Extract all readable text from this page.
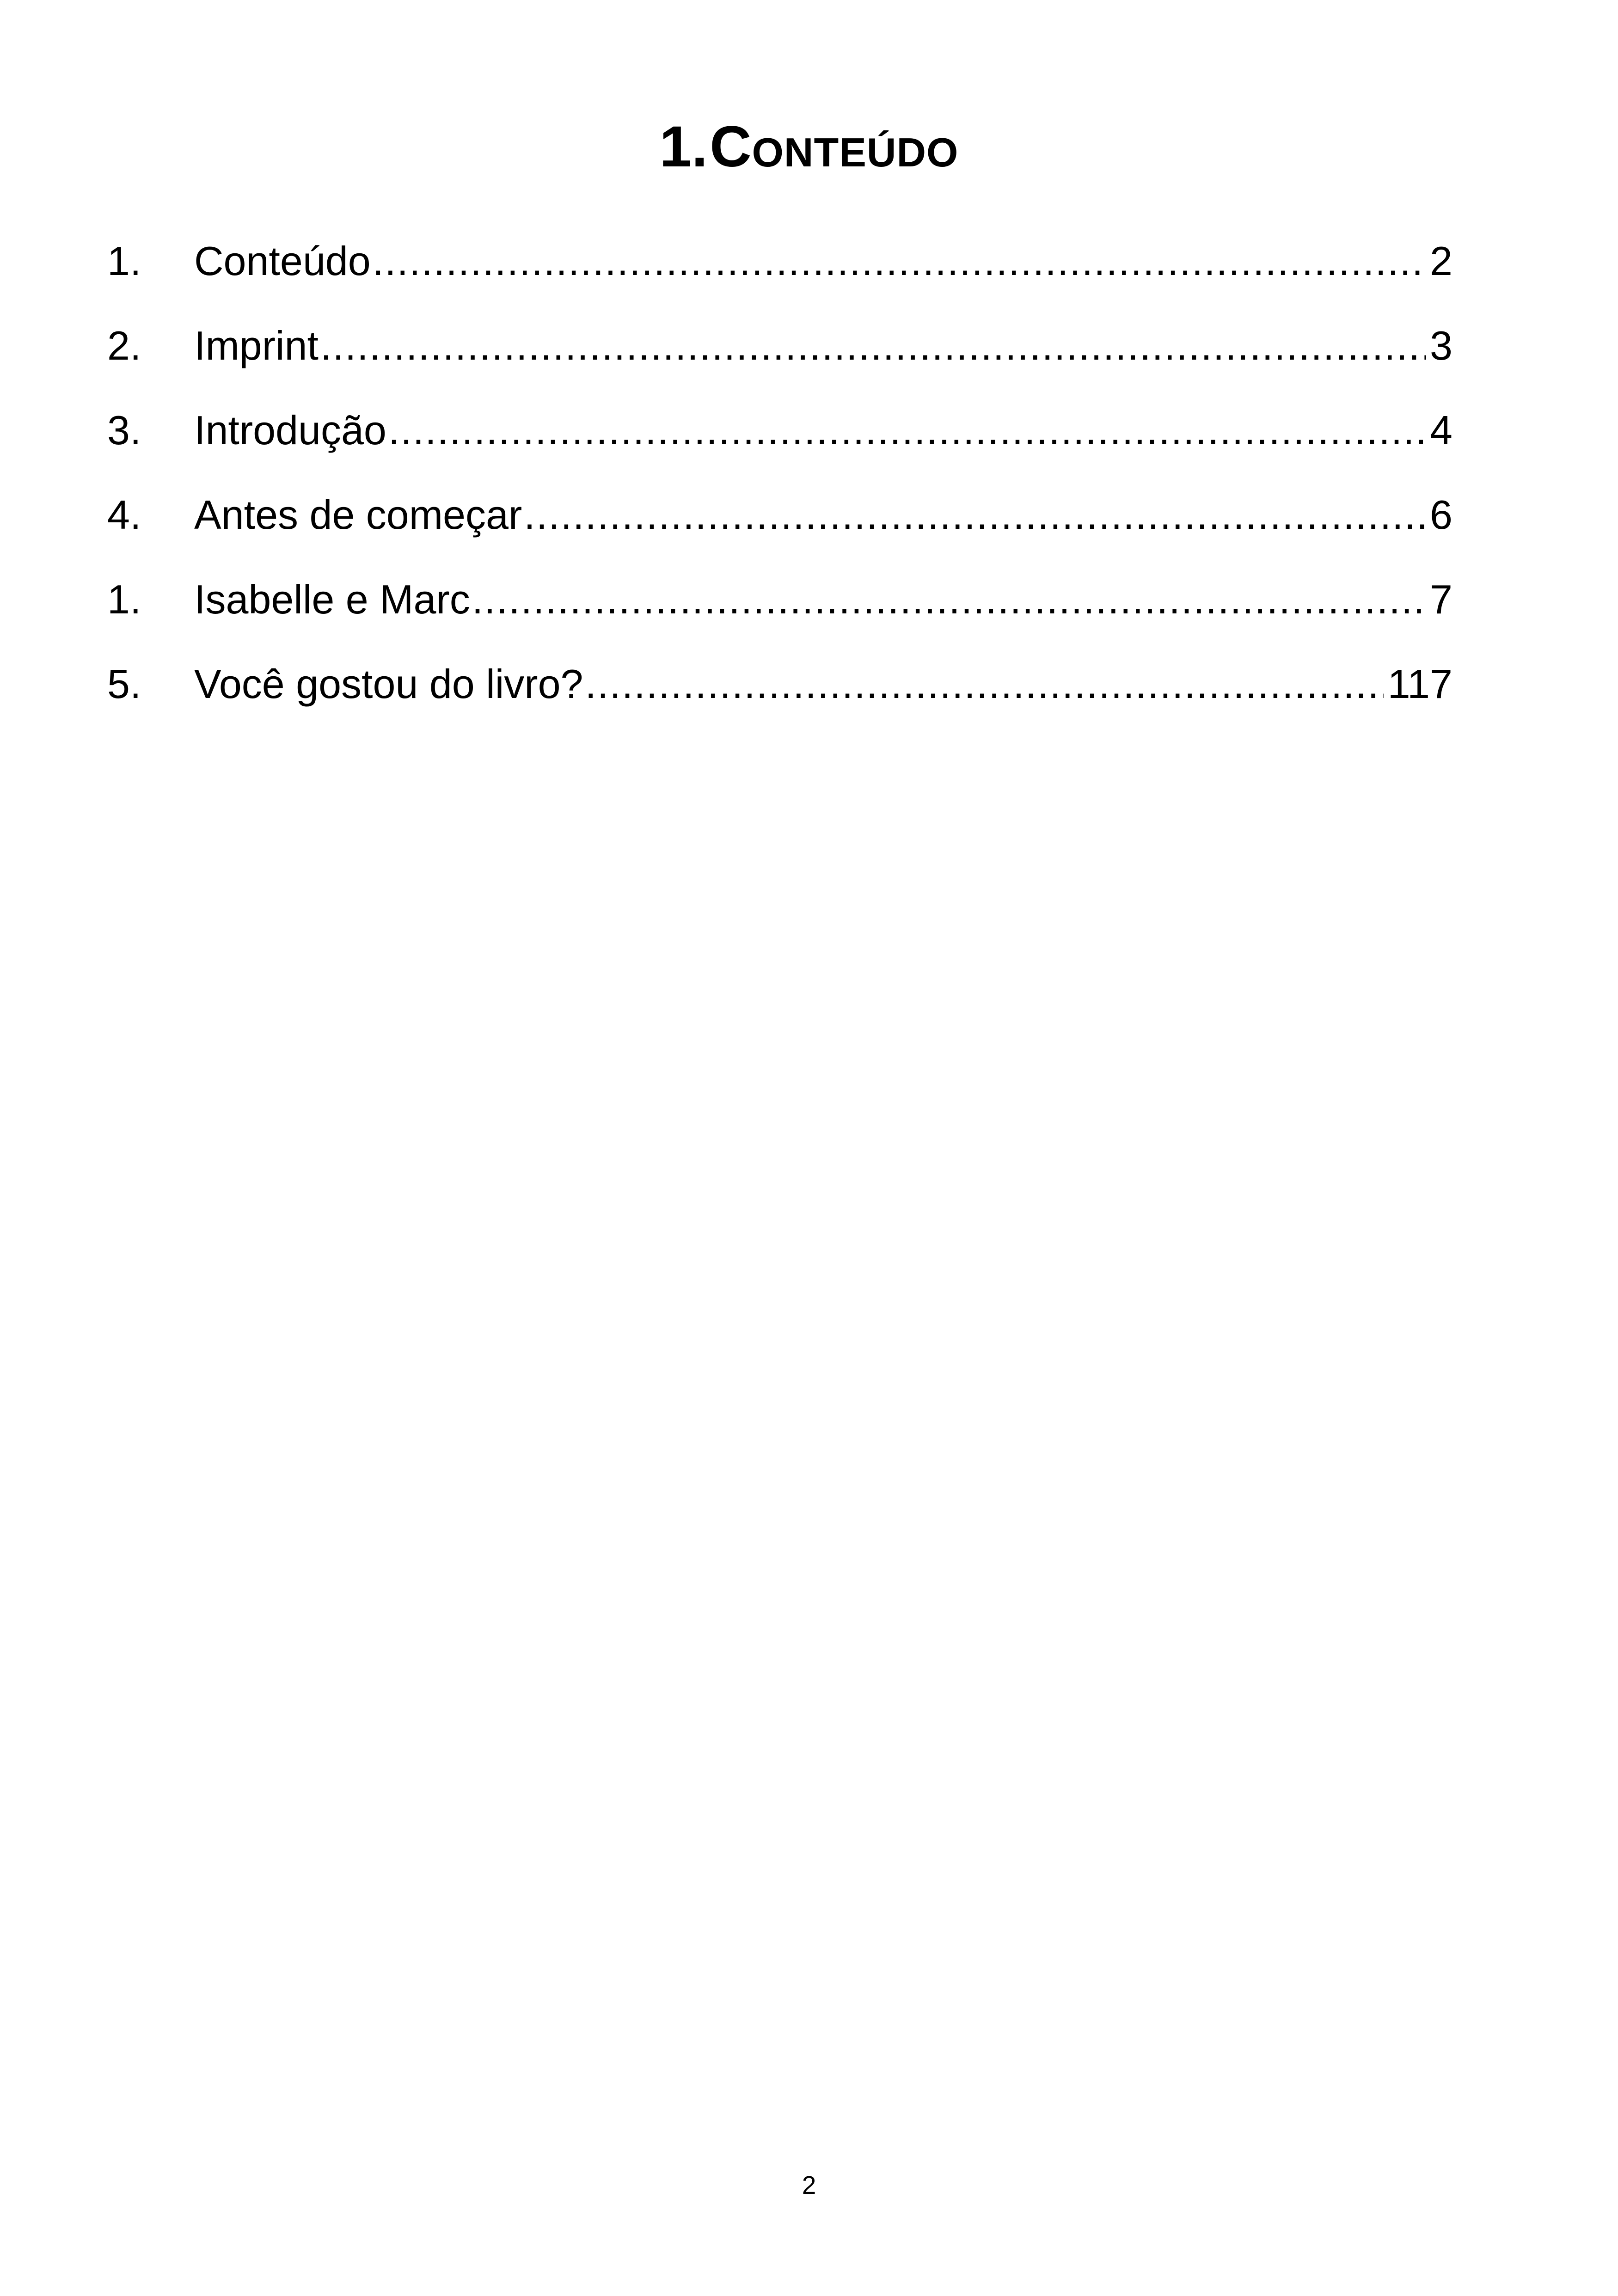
1. Conteúdo
1.	Conteúdo .....	2
2.	Imprint .....	3
3.	Introdução .....	4
4.	Antes de começar .....	6
1.	Isabelle e Marc .....	7
5.	Você gostou do livro? .....	117
2
